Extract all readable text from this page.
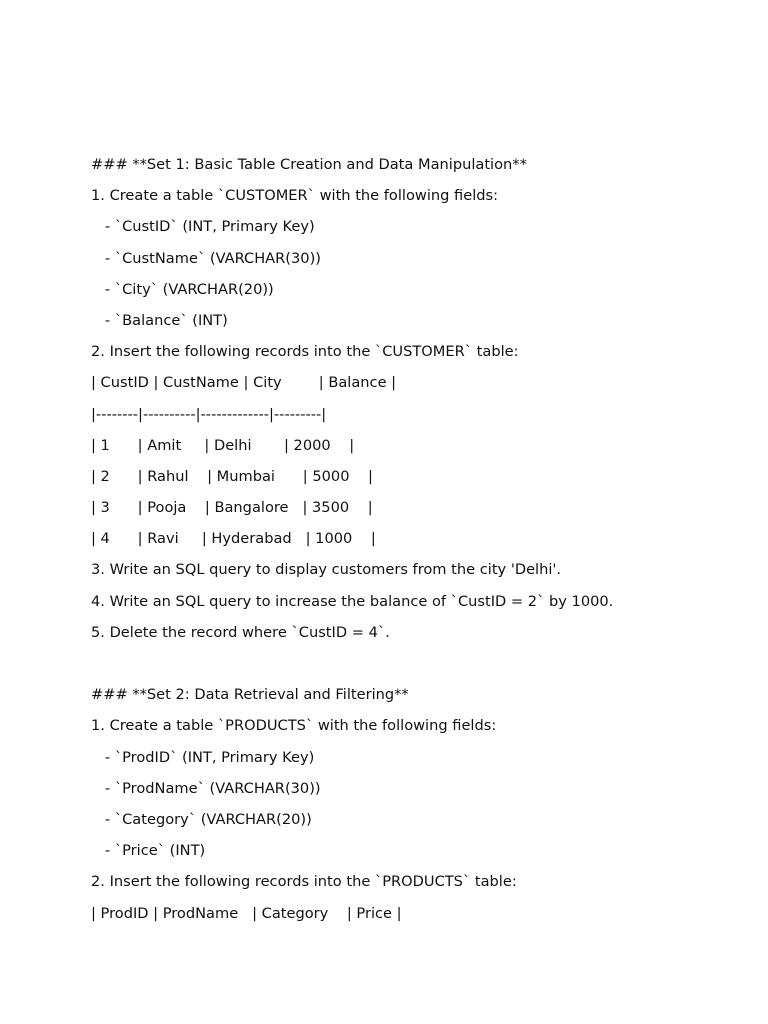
### **Set 1: Basic Table Creation and Data Manipulation**
1. Create a table `CUSTOMER` with the following fields:
- `CustID` (INT, Primary Key)
- `CustName` (VARCHAR(30))
- `City` (VARCHAR(20))
- `Balance` (INT)
2. Insert the following records into the `CUSTOMER` table:
| CustID | CustName | City        | Balance |
|--------|----------|-------------|---------|
| 1      | Amit     | Delhi       | 2000    |
| 2      | Rahul    | Mumbai      | 5000    |
| 3      | Pooja    | Bangalore   | 3500    |
| 4      | Ravi     | Hyderabad   | 1000    |
3. Write an SQL query to display customers from the city 'Delhi'.
4. Write an SQL query to increase the balance of `CustID = 2` by 1000.
5. Delete the record where `CustID = 4`.
### **Set 2: Data Retrieval and Filtering**
1. Create a table `PRODUCTS` with the following fields:
- `ProdID` (INT, Primary Key)
- `ProdName` (VARCHAR(30))
- `Category` (VARCHAR(20))
- `Price` (INT)
2. Insert the following records into the `PRODUCTS` table:
| ProdID | ProdName   | Category    | Price |
